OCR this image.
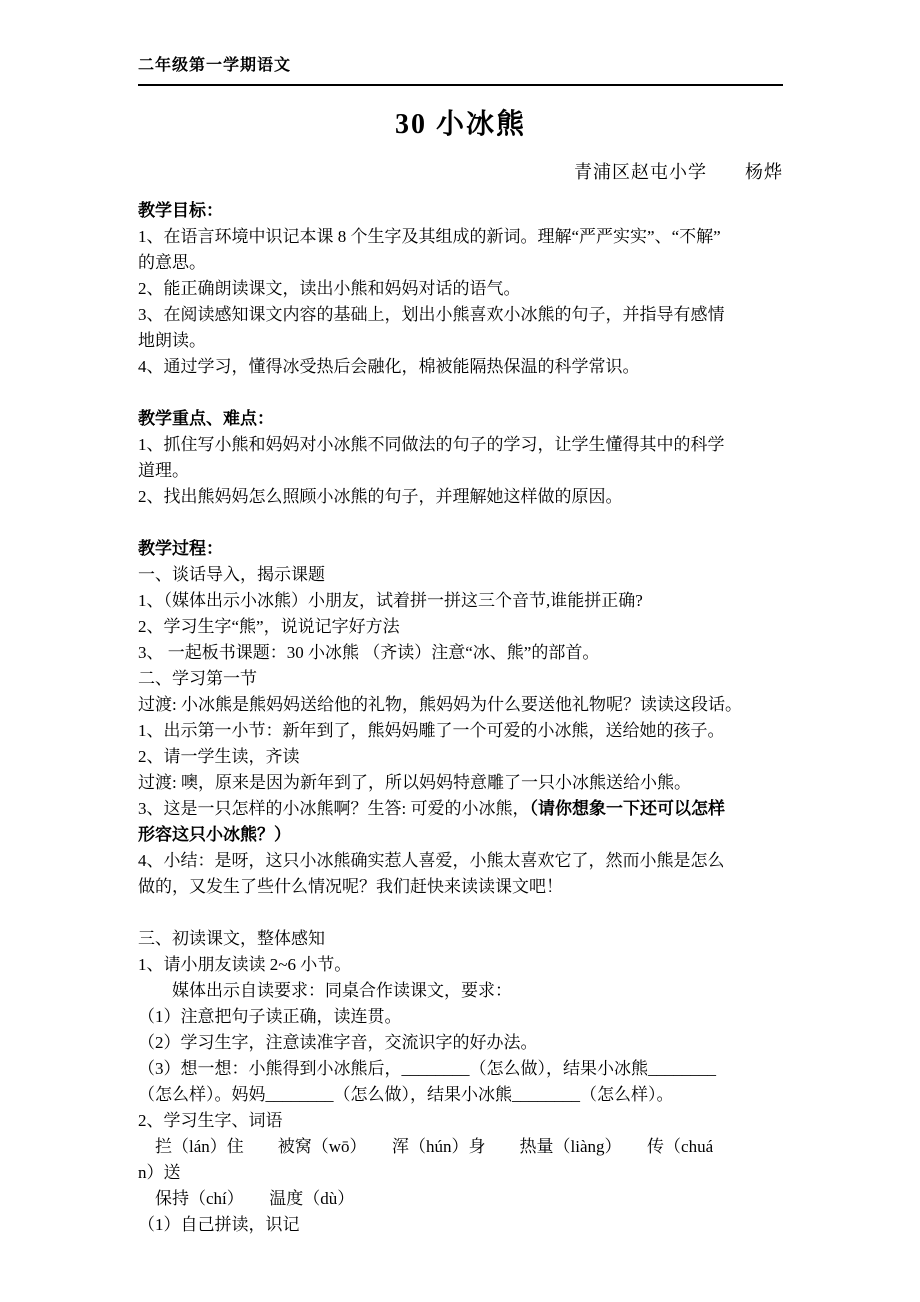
二年级第一学期语文
30 小冰熊
青浦区赵屯小学　　杨烨
教学目标：
1、在语言环境中识记本课 8 个生字及其组成的新词。理解“严严实实”、“不解”
的意思。
2、能正确朗读课文，读出小熊和妈妈对话的语气。
3、在阅读感知课文内容的基础上，划出小熊喜欢小冰熊的句子，并指导有感情
地朗读。
4、通过学习，懂得冰受热后会融化，棉被能隔热保温的科学常识。

教学重点、难点：
1、抓住写小熊和妈妈对小冰熊不同做法的句子的学习，让学生懂得其中的科学
道理。
2、找出熊妈妈怎么照顾小冰熊的句子，并理解她这样做的原因。

教学过程：
一、谈话导入，揭示课题
1、（媒体出示小冰熊）小朋友，试着拼一拼这三个音节,谁能拼正确?
2、学习生字“熊”，说说记字好方法
3、 一起板书课题：30 小冰熊 （齐读）注意“冰、熊”的部首。
二、学习第一节
过渡: 小冰熊是熊妈妈送给他的礼物，熊妈妈为什么要送他礼物呢？读读这段话。
1、出示第一小节：新年到了，熊妈妈雕了一个可爱的小冰熊，送给她的孩子。
2、请一学生读，齐读
过渡: 噢，原来是因为新年到了，所以妈妈特意雕了一只小冰熊送给小熊。
3、这是一只怎样的小冰熊啊？生答: 可爱的小冰熊，（请你想象一下还可以怎样
形容这只小冰熊？）
4、小结：是呀，这只小冰熊确实惹人喜爱，小熊太喜欢它了，然而小熊是怎么
做的，又发生了些什么情况呢？我们赶快来读读课文吧！

三、初读课文，整体感知
1、请小朋友读读 2~6 小节。
　　媒体出示自读要求：同桌合作读课文，要求：
（1）注意把句子读正确，读连贯。
（2）学习生字，注意读准字音，交流识字的好办法。
（3）想一想：小熊得到小冰熊后，________（怎么做），结果小冰熊________
（怎么样）。妈妈________（怎么做），结果小冰熊________（怎么样）。
2、学习生字、词语
　拦（lán）住　　被窝（wō）　　浑（hún）身　　热量（liàng）　　传（chuá
n）送
　保持（chí）　　温度（dù）
（1）自己拼读，识记
